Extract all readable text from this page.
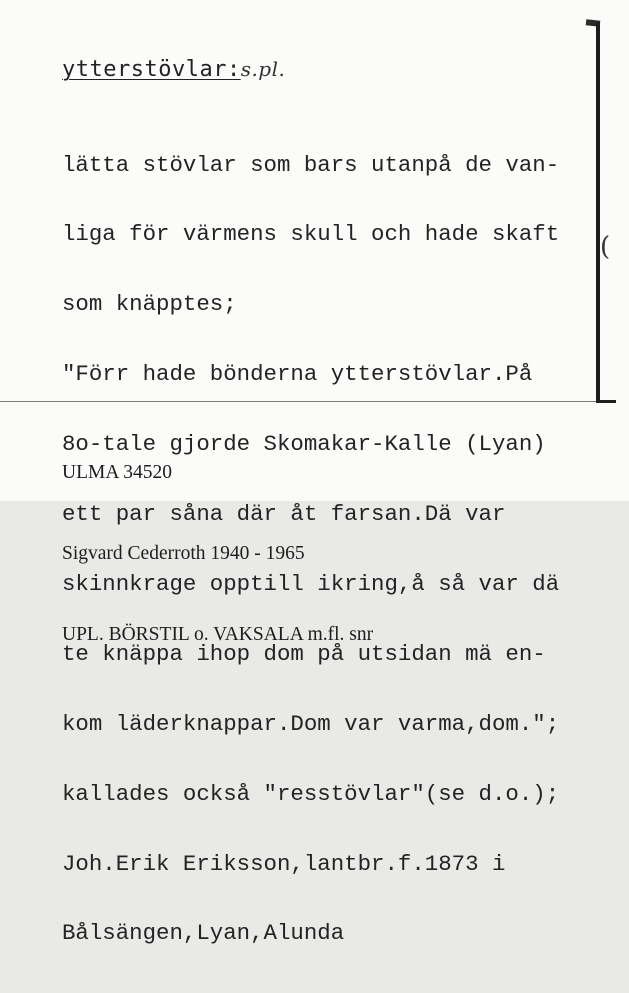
ytterstövlar:s.pl.

lätta stövlar som bars utanpå de van-

liga för värmens skull och hade skaft

som knäpptes;

"Förr hade bönderna ytterstövlar.På

8o-tale gjorde Skomakar-Kalle (Lyan)

ett par såna där åt farsan.Dä var

skinnkrage opptill ikring,å så var dä

te knäppa ihop dom på utsidan mä en-

kom läderknappar.Dom var varma,dom.";

kallades också "resstövlar"(se d.o.);

Joh.Erik Eriksson,lantbr.f.1873 i

Bålsängen,Lyan,Alunda

(

ULMA 34520

Sigvard Cederroth 1940 - 1965

UPL. BÖRSTIL o. VAKSALA m.fl. snr
